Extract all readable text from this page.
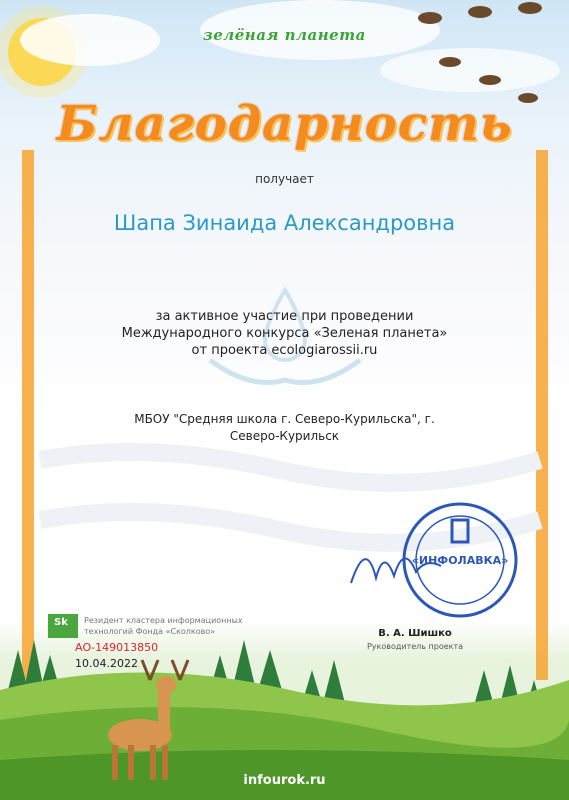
зелёная планета
Благодарность
получает
Шапа Зинаида Александровна
за активное участие при проведении
Международного конкурса «Зеленая планета»
от проекта ecologiarossii.ru
МБОУ "Средняя школа г. Северо-Курильска", г.
Северо-Курильск
«ИНФОЛАВКА»
В. А. Шишко
Руководитель проекта
Sk Резидент кластера информационных
технологий Фонда «Сколково»
АО-149013850
10.04.2022
infourok.ru
